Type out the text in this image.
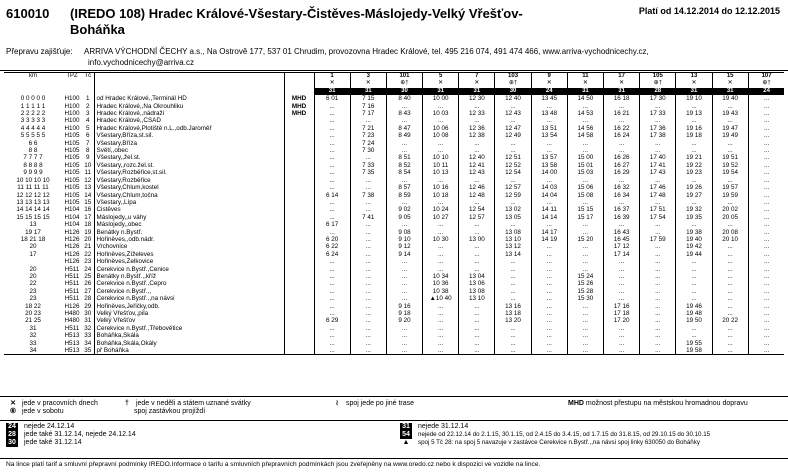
610010 (IREDO 108) Hradec Králové-Všestary-Čistěves-Máslojedy-Velký Vřešťov-Boháňka
Platí od 14.12.2014 do 12.12.2015
Přepravu zajišťuje: ARRIVA VÝCHODNÍ ČECHY a.s., Na Ostrově 177, 537 01 Chrudim, provozovna Hradec Králové, tel. 495 216 074, 491 474 466, www.arriva-vychodnicechy.cz,
info.vychodnicechy@arriva.cz
km	TPZ	Tč			1	3	101	5	7	103	9	11	17	105	13	15	107
					✕	✕	⊕†	✕	✕	⊕†	✕	✕	✕	⊕†	✕	✕	⊕†
					31	31	30	31	31	30	24	31	31	28	31	31	24
0 0 0 0 0	H100	1	od Hradec Králové,,Terminál HD	MHD	6 01	7 15	8 40	10 00	12 30	12 40	13 45	14 50	16 18	17 30	19 10	19 40	...
1 1 1 1 1	H100	2	Hradec Králové,,Na Okrouhliku	MHD	...	7 16	...	...	...	...	...	...	...	...	...	...	...
2 2 2 2 2	H100	3	Hradec Králové,,nádraží	MHD	...	7 17	8 43	10 03	12 33	12 43	13 48	14 53	16 21	17 33	19 13	19 43	...
3 3 3 3 3	H100	4	Hradec Králové,,ČSAD		...	...	...	...	...	...	...	...	...	...	...	...	...
4 4 4 4 4	H100	5	Hradec Králové,Plotiště n.L.,odb.Jaroměř		...	7 21	8 47	10 06	12 36	12 47	13 51	14 56	16 22	17 36	19 16	19 47	...
5 5 5 5 5	H105	6	Všestary,Bříza,st.sil.		...	7 23	8 49	10 08	12 38	12 49	13 54	14 58	16 24	17 38	19 18	19 49	...
6 6	H105	7	Všestary,Bříza		...	7 24	...	...	...	...	...	...	...	...	...	...	...
8 8	H105	8	Světí,,obec		...	7 30	...	...	...	...	...	...	...	...	...	...	...
7 7 7 7	H105	9	Všestary,,žel.st.		...	...	8 51	10 10	12 40	12 51	13 57	15 00	16 26	17 40	19 21	19 51	...
8 8 8 8	H105	10	Všestary,,rozc.žel.st.		...	7 33	8 52	10 11	12 41	12 52	13 58	15 01	16 27	17 41	19 22	19 52	...
9 9 9 9	H105	11	Všestary,Rozběřice,st.sil.		...	7 35	8 54	10 13	12 43	12 54	14 00	15 03	16 29	17 43	19 23	19 54	...
10 10 10 10	H105	12	Všestary,Rozběřice		...	...	...	...	...	...	...	...	...	...	...	...	...
11 11 11 11	H105	13	Všestary,Chlum,kostel		...	...	8 57	10 16	12 46	12 57	14 03	15 06	16 32	17 46	19 26	19 57	...
12 12 12 12	H105	14	Všestary,Chlum,točna		6 14	7 38	8 59	10 18	12 48	12 59	14 04	15 08	16 34	17 48	19 27	19 59	...
13 13 13 13	H105	15	Všestary,,Lípa		...	...	...	...	...	...	...	...	...	...	...	...	...
14 14 14 14	H104	16	Čistěves		...	...	9 02	10 24	12 54	13 02	14 11	15 15	16 37	17 51	19 32	20 02	...
15 15 15 15	H104	17	Máslojedy,,u váhy		...	7 41	9 05	10 27	12 57	13 05	14 14	15 17	16 39	17 54	19 35	20 05	...
13	H104	18	Máslojedy,,obec		6 17	...	...	...	...	...	...	...	...	...	...	...	...
19 17	H126	19	Benátky n.Bystř.		...	...	9 08	...	...	13 08	14 17	...	16 43	...	19 38	20 08	...
18 21 18	H126	20	Hořiněves,,odb.nádr.		6 20	...	9 10	10 30	13 00	13 10	14 19	15 20	16 45	17 59	19 40	20 10	...
20	H126	21	Vrchovnice		6 22	...	9 12	...	...	13 12	...	...	17 12	...	19 42	...	...
17	H126	22	Hořiněves,Žíželeves		6 24	...	9 14	...	...	13 14	...	...	17 14	...	19 44	...	...
	H126	23	Hořiněves,Želkovice		...	...	...	...	...	...	...	...	...	...	...	...	...
20	H511	24	Cerekvice n.Bystř.,Čenice		...	...	...	...	...	...	...	...	...	...	...	...	...
20	H511	25	Benátky n.Bystř.,,kříž		...	...	...	10 34	13 04	...	...	15 24	...	...	...	...	...
22	H511	26	Cerekvice n.Bystř.,Čepro		...	...	...	10 36	13 06	...	...	15 26	...	...	...	...	...
23	H511	27	Cerekvice n.Bystř.,,		...	...	...	10 38	13 08	...	...	15 28	...	...	...	...	...
23	H511	28	Cerekvice n.Bystř.,,na návsi		...	...	...	▲10 40	13 10	...	...	15 30	...	...	...	...	...
18 22	H126	29	Hořiněves,Jeřičky,odb.		...	...	9 16	...	...	13 16	...	...	17 16	...	19 46	...	...
20 23	H480	30	Velký Vřešťov,,pila		...	...	9 18	...	...	13 18	...	...	17 18	...	19 48	...	...
21 25	H480	31	Velký Vřešťov		6 29	...	9 20	...	...	13 20	...	...	17 20	...	19 50	20 22	...
31	H511	32	Cerekvice n.Bystř.,Třebovětice		...	...	...	...	...	...	...	...	...	...	...	...	...
32	H513	33	Boháňka,Skála		...	...	...	...	...	...	...	...	...	...	...	...	...
33	H513	34	Boháňka,Skála,Okály		...	...	...	...	...	...	...	...	...	...	19 55	...	...
34	H513	35	př Boháňka		...	...	...	...	...	...	...	...	...	...	19 58	...	...
✕ jede v pracovních dnech
⑥ jede v sobotu
† jede v neděli a státem uznané svátky
spoj zastávkou projíždí
≀ spoj jede po jiné trase	MHD možnost přestupu na městskou hromadnou dopravu
24 nejede 24.12.14
28 jede také 31.12.14, nejede 24.12.14
30 jede také 31.12.14
31 nejede 31.12.14
54 nejede od 22.12.14 do 2.1.15, 30.1.15, od 2.4.15 do 3.4.15, od 1.7.15 do 31.8.15, od 29.10.15 do 30.10.15
▲ spoj 5 Tč 28: na spoj 5 navazuje v zastávce Cerekvice n.Bystř.,,na návsi spoj linky 630050 do Boháňky
Na lince platí tarif a smluvní přepravní podmínky IREDO.Informace o tarifu a smluvních přepravních podmínkách jsou zveřejněny na www.oredo.cz nebo k dispozici ve vozidle na lince.
